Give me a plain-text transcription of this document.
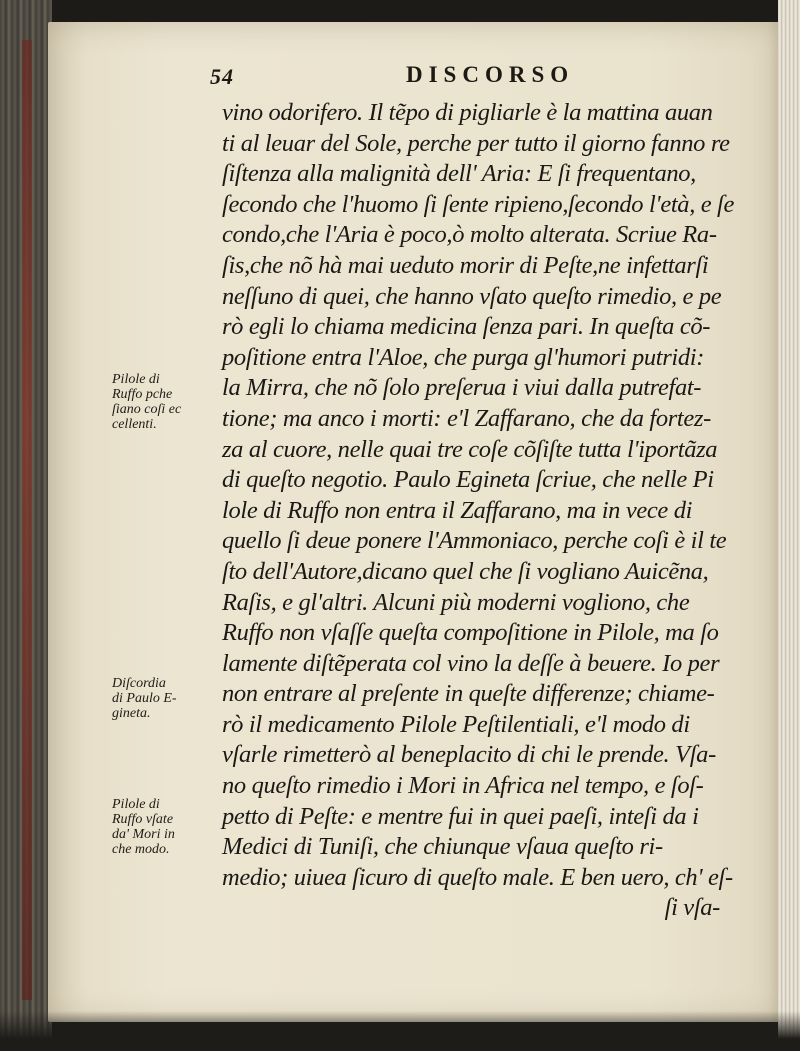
54	DISCORSO
vino odorifero. Il tẽpo di pigliarle è la mattina auan
ti al leuar del Sole, perche per tutto il giorno fanno re
ſiſtenza alla malignità dell' Aria: E ſi frequentano,
ſecondo che l'huomo ſi ſente ripieno,ſecondo l'età, e ſe
condo,che l'Aria è poco,ò molto alterata. Scriue Ra-
ſis,che nõ hà mai ueduto morir di Peſte,ne infettarſi
neſſuno di quei, che hanno vſato queſto rimedio, e pe
rò egli lo chiama medicina ſenza pari. In queſta cõ-
poſitione entra l'Aloe, che purga gl'humori putridi:
la Mirra, che nõ ſolo preſerua i viui dalla putrefat-
tione; ma anco i morti: e'l Zaffarano, che da fortez-
za al cuore, nelle quai tre coſe cõſiſte tutta l'iportãza
di queſto negotio. Paulo Egineta ſcriue, che nelle Pi
lole di Ruffo non entra il Zaffarano, ma in vece di
quello ſi deue ponere l'Ammoniaco, perche coſi è il te
ſto dell'Autore,dicano quel che ſi vogliano Auicẽna,
Raſis, e gl'altri. Alcuni più moderni vogliono, che
Ruffo non vſaſſe queſta compoſitione in Pilole, ma ſo
lamente diſtẽperata col vino la deſſe à beuere. Io per
non entrare al preſente in queſte differenze; chiame-
rò il medicamento Pilole Peſtilentiali, e'l modo di
vſarle rimetterò al beneplacito di chi le prende. Vſa-
no queſto rimedio i Mori in Africa nel tempo, e ſoſ-
petto di Peſte: e mentre fui in quei paeſi, inteſi da i
Medici di Tuniſi, che chiunque vſaua queſto ri-
medio; uiuea ſicuro di queſto male. E ben uero, ch' eſ-
ſi vſa-
Pilole di
Ruffo pche
ſiano coſi ec
cellenti.
Diſcordia
di Paulo E-
gineta.
Pilole di
Ruffo vſate
da' Mori in
che modo.
